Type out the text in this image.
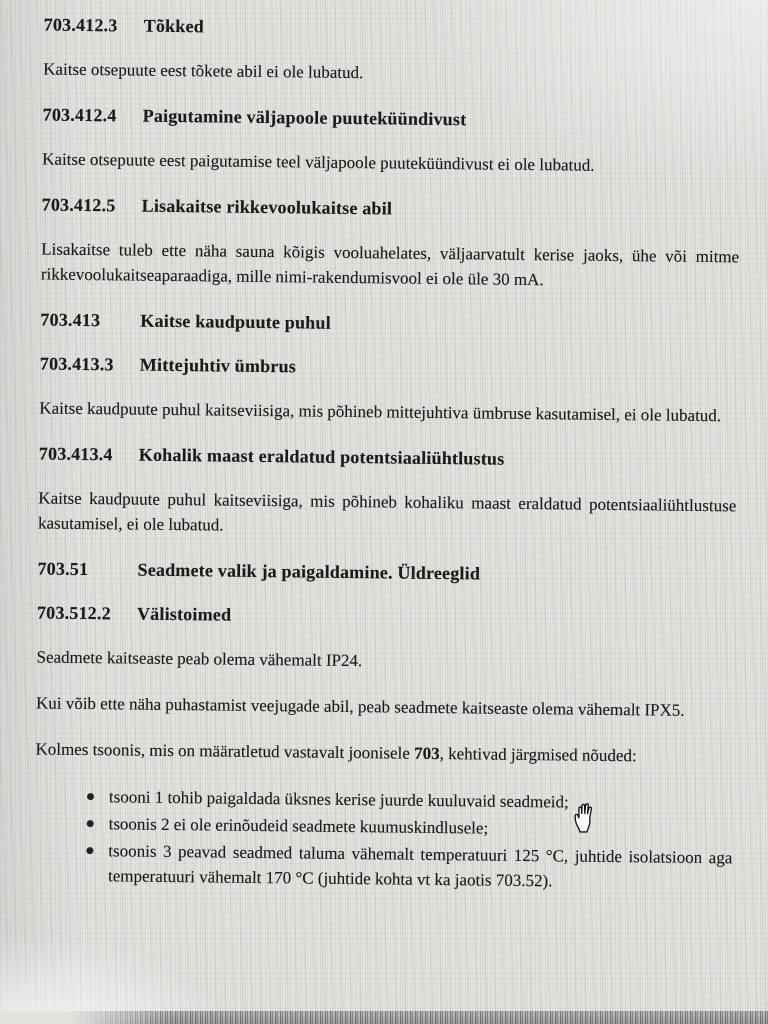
703.412.3	Tõkked
Kaitse otsepuute eest tõkete abil ei ole lubatud.
703.412.4	Paigutamine väljapoole puuteküündivust
Kaitse otsepuute eest paigutamise teel väljapoole puuteküündivust ei ole lubatud.
703.412.5	Lisakaitse rikkevoolukaitse abil
Lisakaitse tuleb ette näha sauna kõigis vooluahelates, väljaarvatult kerise jaoks, ühe või mitme rikkevoolukaitseaparaadiga, mille nimi-rakendumisvool ei ole üle 30 mA.
703.413	Kaitse kaudpuute puhul
703.413.3	Mittejuhtiv ümbrus
Kaitse kaudpuute puhul kaitseviisiga, mis põhineb mittejuhtiva ümbruse kasutamisel, ei ole lubatud.
703.413.4	Kohalik maast eraldatud potentsiaaliühtlustus
Kaitse kaudpuute puhul kaitseviisiga, mis põhineb kohaliku maast eraldatud potentsiaaliühtlustuse kasutamisel, ei ole lubatud.
703.51	Seadmete valik ja paigaldamine. Üldreeglid
703.512.2	Välistoimed
Seadmete kaitseaste peab olema vähemalt IP24.
Kui võib ette näha puhastamist veejugade abil, peab seadmete kaitseaste olema vähemalt IPX5.
Kolmes tsoonis, mis on määratletud vastavalt joonisele 703, kehtivad järgmised nõuded:
tsooni 1 tohib paigaldada üksnes kerise juurde kuuluvaid seadmeid;
tsoonis 2 ei ole erinõudeid seadmete kuumuskindlusele;
tsoonis 3 peavad seadmed taluma vähemalt temperatuuri 125 °C, juhtide isolatsioon aga temperatuuri vähemalt 170 °C (juhtide kohta vt ka jaotis 703.52).
